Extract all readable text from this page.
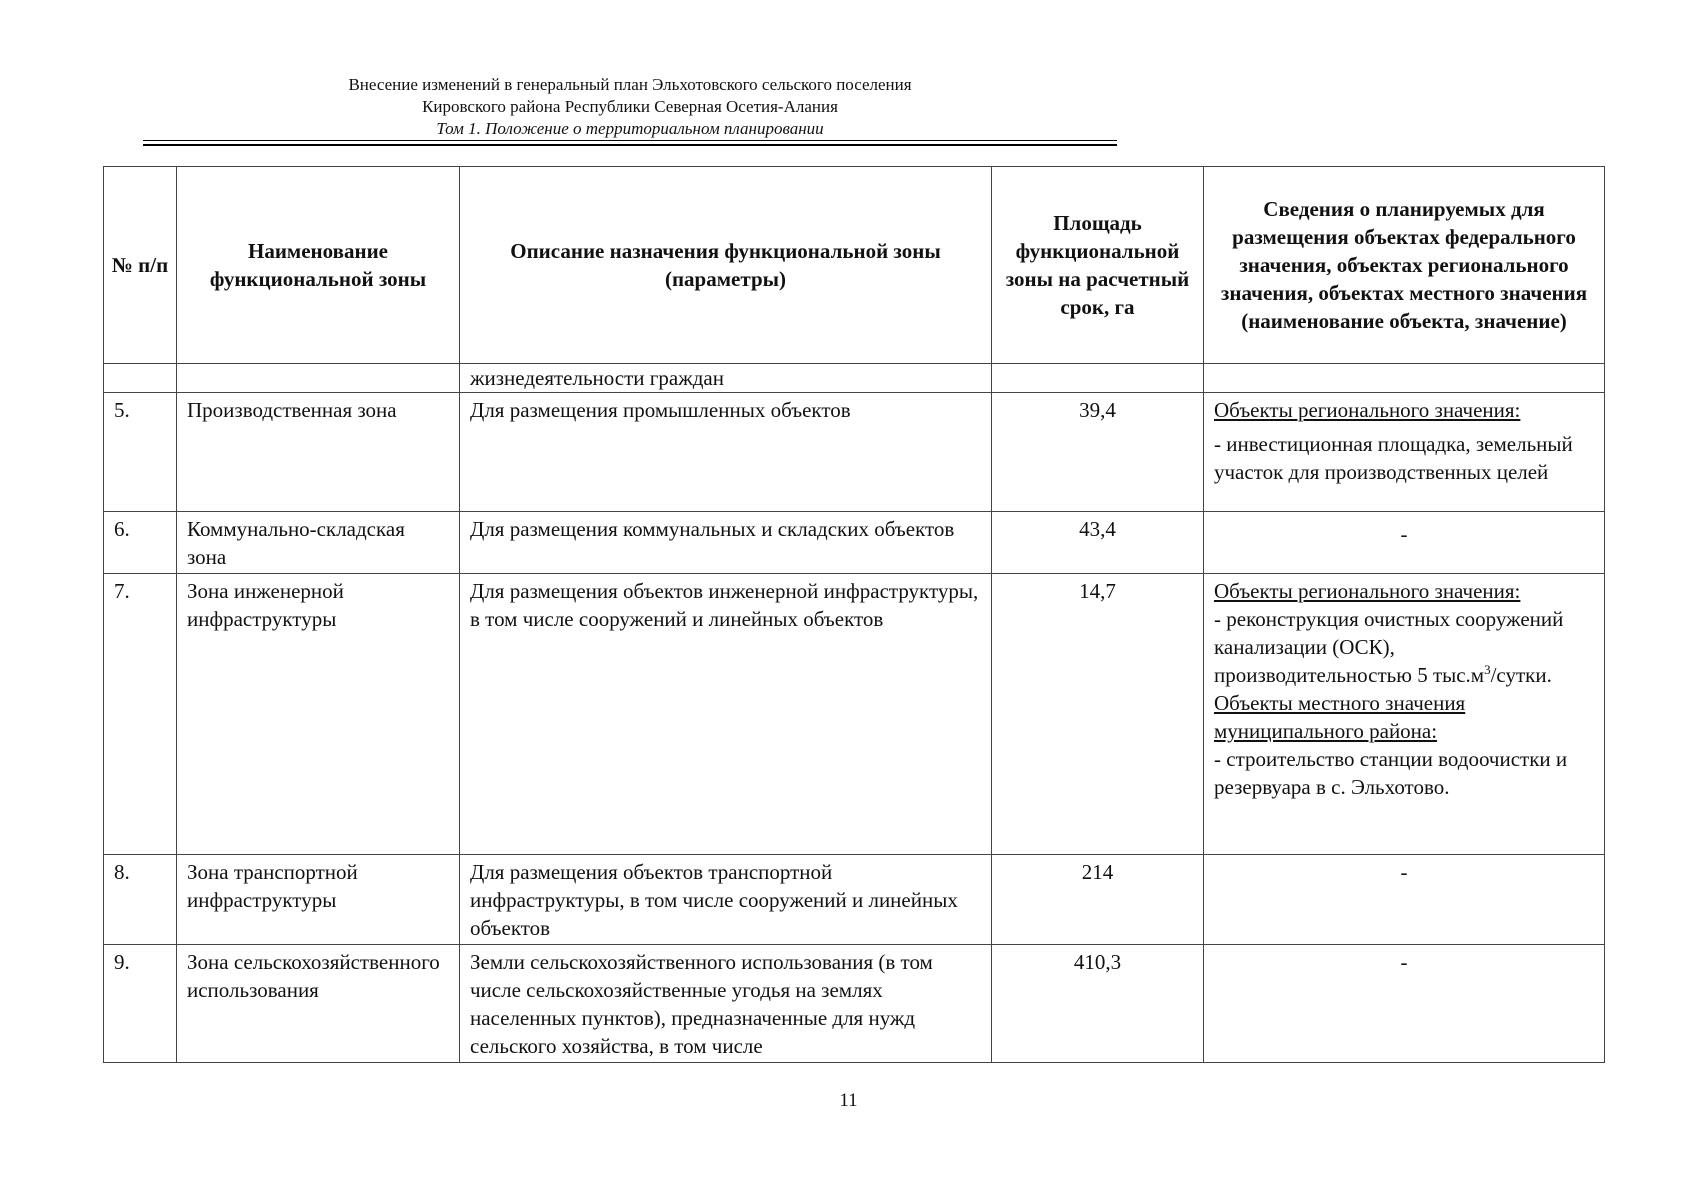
Внесение изменений в генеральный план Эльхотовского сельского поселения
Кировского района Республики Северная Осетия-Алания
Том 1. Положение о территориальном планировании
№ п/п	Наименование функциональной зоны	Описание назначения функциональной зоны (параметры)	Площадь функциональной зоны на расчетный срок, га	Сведения о планируемых для размещения объектах федерального значения, объектах регионального значения, объектах местного значения (наименование объекта, значение)
		жизнедеятельности граждан		
5.	Производственная зона	Для размещения промышленных объектов	39,4	Объекты регионального значения:
- инвестиционная площадка, земельный участок для производственных целей

6.	Коммунально-складская зона	Для размещения коммунальных и складских объектов	43,4	-
7.	Зона инженерной инфраструктуры	Для размещения объектов инженерной инфраструктуры, в том числе сооружений и линейных объектов	14,7	Объекты регионального значения:
- реконструкция очистных сооружений канализации (ОСК), производительностью 5 $тыс.м^3$/сутки.
Объекты местного значения муниципального района:
- строительство станции водоочистки и резервуара в с. Эльхотово.

8.	Зона транспортной инфраструктуры	Для размещения объектов транспортной инфраструктуры, в том числе сооружений и линейных объектов	214	-
9.	Зона сельскохозяйственного использования	Земли сельскохозяйственного использования (в том числе сельскохозяйственные угодья на землях населенных пунктов), предназначенные для нужд сельского хозяйства, в том числе	410,3	-
11
